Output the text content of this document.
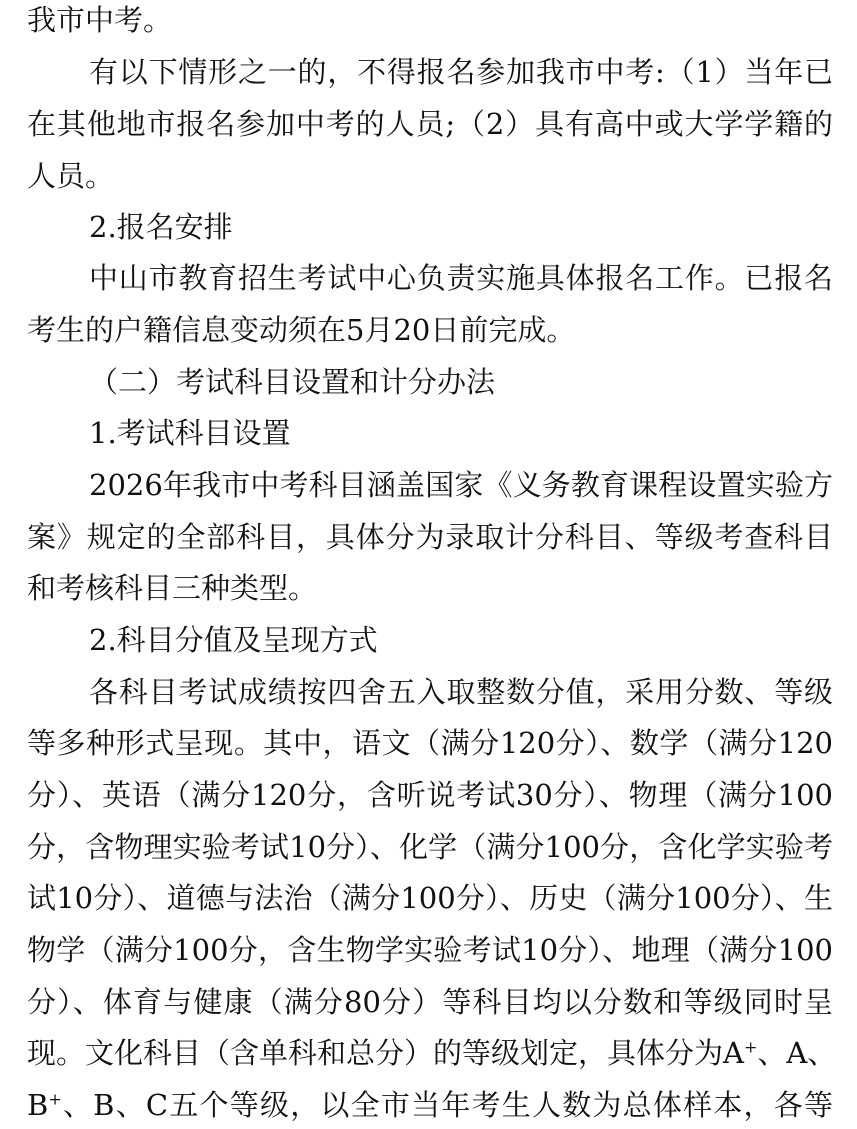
我市中考。
有以下情形之一的，不得报名参加我市中考:（1）当年已
在其他地市报名参加中考的人员;（2）具有高中或大学学籍的
人员。
2.报名安排
中山市教育招生考试中心负责实施具体报名工作。已报名
考生的户籍信息变动须在5月20日前完成。
（二）考试科目设置和计分办法
1.考试科目设置
2026年我市中考科目涵盖国家《义务教育课程设置实验方
案》规定的全部科目，具体分为录取计分科目、等级考查科目
和考核科目三种类型。
2.科目分值及呈现方式
各科目考试成绩按四舍五入取整数分值，采用分数、等级
等多种形式呈现。其中，语文（满分120分）、数学（满分120
分）、英语（满分120分，含听说考试30分）、物理（满分100
分，含物理实验考试10分）、化学（满分100分，含化学实验考
试10分）、道德与法治（满分100分）、历史（满分100分）、生
物学（满分100分，含生物学实验考试10分）、地理（满分100
分）、体育与健康（满分80分）等科目均以分数和等级同时呈
现。文化科目（含单科和总分）的等级划定，具体分为A+、A、
B+、B、C五个等级，以全市当年考生人数为总体样本，各等
